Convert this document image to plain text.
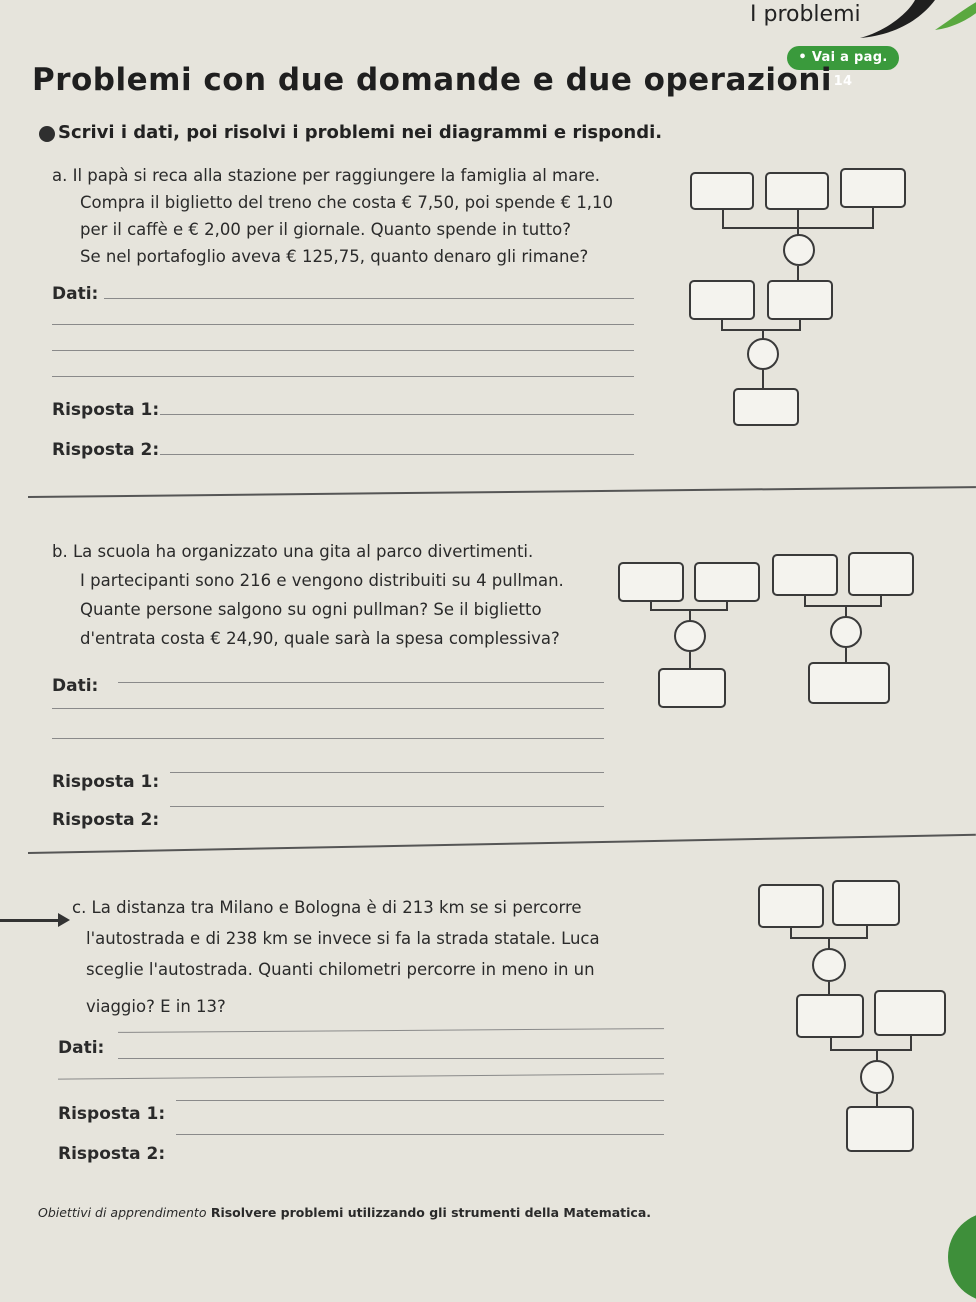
I problemi
• Vai a pag. 14
Problemi con due domande e due operazioni
Scrivi i dati, poi risolvi i problemi nei diagrammi e rispondi.
a. Il papà si reca alla stazione per raggiungere la famiglia al mare.
Compra il biglietto del treno che costa € 7,50, poi spende € 1,10
per il caffè e € 2,00 per il giornale. Quanto spende in tutto?
Se nel portafoglio aveva € 125,75, quanto denaro gli rimane?
Dati:
Risposta 1:
Risposta 2:
b. La scuola ha organizzato una gita al parco divertimenti.
I partecipanti sono 216 e vengono distribuiti su 4 pullman.
Quante persone salgono su ogni pullman? Se il biglietto
d'entrata costa € 24,90, quale sarà la spesa complessiva?
Dati:
Risposta 1:
Risposta 2:
c. La distanza tra Milano e Bologna è di 213 km se si percorre
l'autostrada e di 238 km se invece si fa la strada statale. Luca
sceglie l'autostrada. Quanti chilometri percorre in meno in un
viaggio? E in 13?
Dati:
Risposta 1:
Risposta 2:
Obiettivi di apprendimento Risolvere problemi utilizzando gli strumenti della Matematica.
